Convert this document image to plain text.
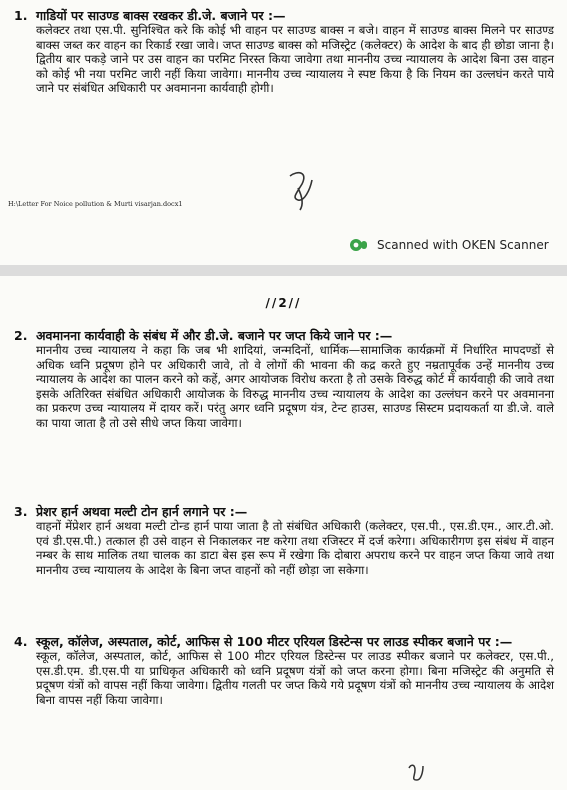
1. गाडियों पर साउण्ड बाक्स रखकर डी.जे. बजाने पर :—

कलेक्टर तथा एस.पी. सुनिश्चित करे कि कोई भी वाहन पर साउण्ड बाक्स न बजे। वाहन में साउण्ड बाक्स मिलने पर साउण्ड बाक्स जब्त कर वाहन का रिकार्ड रखा जावे। जप्त साउण्ड बाक्स को मजिस्ट्रेट (कलेक्टर) के आदेश के बाद ही छोडा जाना है। द्वितीय बार पकड़े जाने पर उस वाहन का परमिट निरस्त किया जावेगा तथा माननीय उच्च न्यायालय के आदेश बिना उस वाहन को कोई भी नया परमिट जारी नहीं किया जावेगा। माननीय उच्च न्यायालय ने स्पष्ट किया है कि नियम का उल्लघंन करते पाये जाने पर संबंधित अधिकारी पर अवमानना कार्यवाही होगी।

H:\Letter For Noice pollution & Murti visarjan.docx1
Scanned with OKEN Scanner
//2//

2. अवमानना कार्यवाही के संबंध में और डी.जे. बजाने पर जप्त किये जाने पर :—

माननीय उच्च न्यायालय ने कहा कि जब भी शादियां, जन्मदिनों, धार्मिक—सामाजिक कार्यक्रमों में निर्धारित मापदण्डों से अधिक ध्वनि प्रदूषण होने पर अधिकारी जावे, तो वे लोगों की भावना की कद्र करते हुए नम्रतापूर्वक उन्हें माननीय उच्च न्यायालय के आदेश का पालन करने को कहें, अगर आयोजक विरोध करता है तो उसके विरुद्ध कोर्ट में कार्यवाही की जावे तथा इसके अतिरिक्त संबंधित अधिकारी आयोजक के विरुद्ध माननीय उच्च न्यायालय के आदेश का उल्लंघन करने पर अवमानना का प्रकरण उच्च न्यायालय में दायर करें। परंतु अगर ध्वनि प्रदूषण यंत्र, टेन्ट हाउस, साउण्ड सिस्टम प्रदायकर्ता या डी.जे. वाले का पाया जाता है तो उसे सीधे जप्त किया जावेगा।

3. प्रेशर हार्न अथवा मल्टी टोन हार्न लगाने पर :—

वाहनों मेंप्रेशर हार्न अथवा मल्टी टोन्ड हार्न पाया जाता है तो संबंधित अधिकारी (कलेक्टर, एस.पी., एस.डी.एम., आर.टी.ओ. एवं डी.एस.पी.) तत्काल ही उसे वाहन से निकालकर नष्ट करेगा तथा रजिस्टर में दर्ज करेगा। अधिकारीगण इस संबंध में वाहन नम्बर के साथ मालिक तथा चालक का डाटा बेस इस रूप में रखेगा कि दोबारा अपराध करने पर वाहन जप्त किया जावे तथा माननीय उच्च न्यायालय के आदेश के बिना जप्त वाहनों को नहीं छोड़ा जा सकेगा।

4. स्कूल, कॉलेज, अस्पताल, कोर्ट, आफिस से 100 मीटर एरियल डिस्टेन्स पर लाउड स्पीकर बजाने पर :—

स्कूल, कॉलेज, अस्पताल, कोर्ट, आफिस से 100 मीटर एरियल डिस्टेन्स पर लाउड स्पीकर बजाने पर कलेक्टर, एस.पी., एस.डी.एम. डी.एस.पी या प्राधिकृत अधिकारी को ध्वनि प्रदूषण यंत्रों को जप्त करना होगा। बिना मजिस्ट्रेट की अनुमति से प्रदूषण यंत्रों को वापस नहीं किया जावेगा। द्वितीय गलती पर जप्त किये गये प्रदूषण यंत्रों को माननीय उच्च न्यायालय के आदेश बिना वापस नहीं किया जावेगा।
